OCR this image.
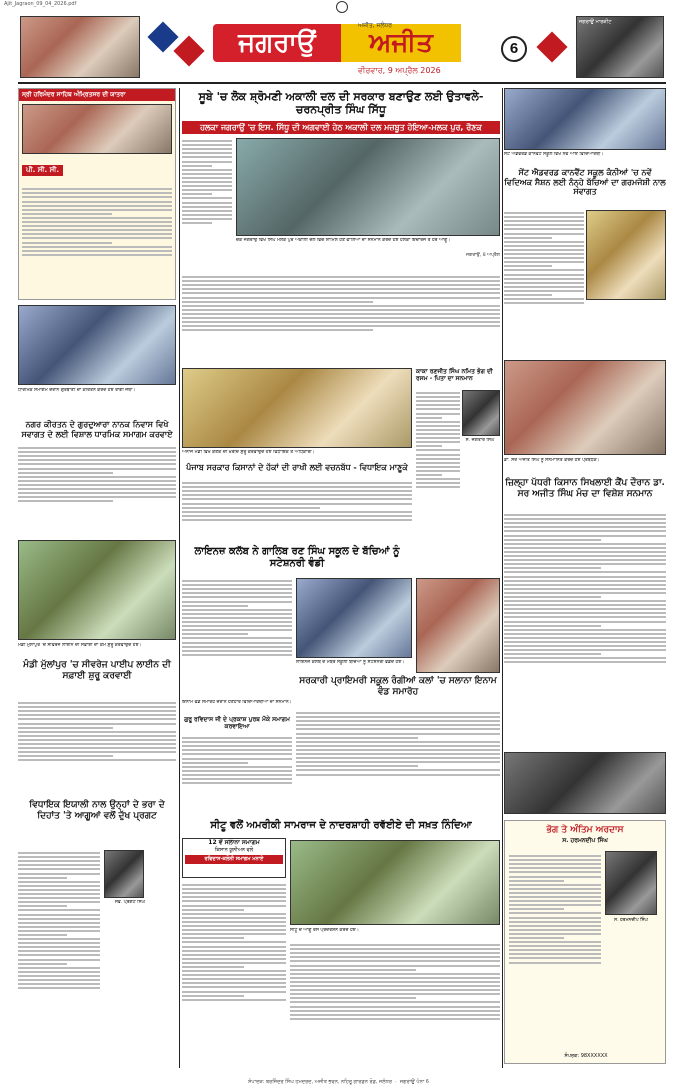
Ajit_Jagraon_09_04_2026.pdf
ਜਗਰਾਉਂ	ਅਜੀਤ
ਅਜੀਤ, ਜਲੰਧਰ
ਵੀਰਵਾਰ, 9 ਅਪ੍ਰੈਲ 2026
6
ਜਗਰਾਉਂ ਮਾਰਕੀਟ
ਸ੍ਰੀ ਹਰਿਮੰਦਰ ਸਾਹਿਬ ਅੰਮ੍ਰਿਤਸਰ ਦੀ ਯਾਤਰਾ
ਪੀ. ਸੀ. ਸੀ.

ਧਾਰਮਿਕ ਸਮਾਗਮ ਦੌਰਾਨ ਗੁਰਬਾਣੀ ਦਾ ਕੀਰਤਨ ਕਰਦੇ ਹੋਏ ਰਾਗੀ ਜਥਾ।
ਨਗਰ ਕੀਰਤਨ ਦੇ ਗੁਰਦੁਆਰਾ ਨਾਨਕ ਨਿਵਾਸ ਵਿਖੇ ਸਵਾਗਤ ਦੇ ਲਈ ਵਿਸ਼ਾਲ ਧਾਰਮਿਕ ਸਮਾਗਮ ਕਰਵਾਏ
ਮੰਡੀ ਮੁੱਲਾਂਪੁਰ 'ਚ ਸੀਵਰੇਜ ਲਾਈਨ ਦੀ ਸਫ਼ਾਈ ਦਾ ਕੰਮ ਸ਼ੁਰੂ ਕਰਵਾਉਂਦੇ ਹੋਏ।
ਮੰਡੀ ਮੁੱਲਾਂਪੁਰ 'ਚ ਸੀਵਰੇਜ ਪਾਈਪ ਲਾਈਨ ਦੀ ਸਫ਼ਾਈ ਸ਼ੁਰੂ ਕਰਵਾਈ
ਵਿਧਾਇਕ ਇਯਾਲੀ ਨਾਲ ਉਨ੍ਹਾਂ ਦੇ ਭਰਾ ਦੇ ਦਿਹਾਂਤ 'ਤੇ ਆਗੂਆਂ ਵਲੋਂ ਦੁੱਖ ਪ੍ਰਗਟ
ਸਵ. ਪ੍ਰਗਟ ਸਿੰਘ
ਸੂਬੇ 'ਚ ਲੋਕ ਸ਼੍ਰੋਮਣੀ ਅਕਾਲੀ ਦਲ ਦੀ ਸਰਕਾਰ ਬਣਾਉਣ ਲਈ ਉਤਾਵਲੇ-ਚਰਨਪ੍ਰੀਤ ਸਿੰਘ ਸਿੱਧੂ
ਹਲਕਾ ਜਗਰਾਉਂ 'ਚ ਇਸ. ਸਿੱਧੂ ਦੀ ਅਗਵਾਈ ਹੇਠ ਅਕਾਲੀ ਦਲ ਮਜ਼ਬੂਤ ਹੋਇਆ-ਮਲਕ ਪੁਰ, ਰੌਣਕ
ਚੌਂਕ ਜਗਰਾਉਂ ਵਿਖੇ ਸਿੰਘ ਮਲਕ ਪੁਰ ਅਕਾਲੀ ਦਲ ਵਿਚ ਸ਼ਾਮਿਲ ਹੋਣ ਵਾਲਿਆਂ ਦਾ ਸਨਮਾਨ ਕਰਦੇ ਹੋਏ ਹਲਕਾ ਇੰਚਾਰਜ ਤੇ ਹੋਰ ਆਗੂ।
ਜਗਰਾਉਂ, 8 ਅਪ੍ਰੈਲ
ਅਨਾਜ ਮੰਡੀ ਵਿਖੇ ਕਣਕ ਦੀ ਖ਼ਰੀਦ ਸ਼ੁਰੂ ਕਰਵਾਉਂਦੇ ਹੋਏ ਵਿਧਾਇਕ ਤੇ ਅਧਿਕਾਰੀ।
ਪੰਜਾਬ ਸਰਕਾਰ ਕਿਸਾਨਾਂ ਦੇ ਹੱਕਾਂ ਦੀ ਰਾਖੀ ਲਈ ਵਚਨਬੱਧ - ਵਿਧਾਇਕ ਮਾਣੂਕੇ
ਕਾਕਾ ਰਣਜੀਤ ਸਿੰਘ ਨਮਿਤ ਭੋਗ ਦੀ ਰਸਮ - ਪਿਤਾ ਦਾ ਸਨਮਾਨ
ਸ. ਜਗਤਾਰ ਸਿੰਘ
ਲਾਇਨਜ਼ ਕਲੱਬ ਨੇ ਗਾਲਿਬ ਰਣ ਸਿੰਘ ਸਕੂਲ ਦੇ ਬੱਚਿਆਂ ਨੂੰ ਸਟੇਸ਼ਨਰੀ ਵੰਡੀ
ਲਾਇਨਜ਼ ਕਲੱਬ ਦੇ ਮੈਂਬਰ ਸਕੂਲੀ ਬੱਚਿਆਂ ਨੂੰ ਸਟੇਸ਼ਨਰੀ ਵੰਡਦੇ ਹੋਏ।
ਸਰਕਾਰੀ ਪ੍ਰਾਇਮਰੀ ਸਕੂਲ ਰੰਗੀਆਂ ਕਲਾਂ 'ਚ ਸਲਾਨਾ ਇਨਾਮ ਵੰਡ ਸਮਾਰੋਹ
ਇਨਾਮ ਵੰਡ ਸਮਾਰੋਹ ਦੌਰਾਨ ਹੋਣਹਾਰ ਵਿਦਿਆਰਥੀਆਂ ਦਾ ਸਨਮਾਨ।
ਗੁਰੂ ਰਵਿਦਾਸ ਜੀ ਦੇ ਪ੍ਰਕਾਸ਼ ਪੁਰਬ ਮੌਕੇ ਸਮਾਗਮ ਕਰਵਾਇਆ
ਸੀਟੂ ਵਲੋਂ ਅਮਰੀਕੀ ਸਾਮਰਾਜ ਦੇ ਨਾਦਰਸ਼ਾਹੀ ਰਵੱਈਏ ਦੀ ਸਖ਼ਤ ਨਿੰਦਿਆ
12 ਵੇਂ ਸਲਾਨਾ ਸਮਾਗਮ
ਕਿਸਾਨ ਯੂਨੀਅਨ ਵਲੋਂ
ਰਵਿਦਾਸ-ਕਲੋਨੀ ਸਮਾਗਮ ਮਨਾਏ
ਸੀਟੂ ਦੇ ਆਗੂ ਰੋਸ ਪ੍ਰਦਰਸ਼ਨ ਕਰਦੇ ਹੋਏ।
ਸੇਂਟ ਐਡਵਰਡ ਕਾਨਵੈਂਟ ਸਕੂਲ ਵਿਖੇ ਨਵੇਂ ਆਏ ਵਿਦਿਆਰਥੀ।
ਸੇਂਟ ਐਡਵਰਡ ਕਾਨਵੈਂਟ ਸਕੂਲ ਕੰਨੀਆਂ 'ਚ ਨਵੇਂ ਵਿਦਿਅਕ ਸੈਸ਼ਨ ਲਈ ਨੰਨ੍ਹੇ ਬੱਚਿਆਂ ਦਾ ਗਰਮਜੋਸ਼ੀ ਨਾਲ ਸਵਾਗਤ
ਡਾ. ਸਰ ਅਜੀਤ ਸਿੰਘ ਨੂੰ ਸਨਮਾਨਿਤ ਕਰਦੇ ਹੋਏ ਪ੍ਰਬੰਧਕ।
ਜ਼ਿਲ੍ਹਾ ਪੱਧਰੀ ਕਿਸਾਨ ਸਿਖਲਾਈ ਕੈਂਪ ਦੌਰਾਨ ਡਾ. ਸਰ ਅਜੀਤ ਸਿੰਘ ਮੰਚ ਦਾ ਵਿਸ਼ੇਸ਼ ਸਨਮਾਨ
ਭੋਗ ਤੇ ਅੰਤਿਮ ਅਰਦਾਸ
ਸ. ਹਰਮਨਦੀਪ ਸਿੰਘ
ਸ. ਹਰਮਨਦੀਪ ਸਿੰਘ
ਸੰਪਰਕ: 98XXXXXX
ਸੰਪਾਦਕ: ਬਰਜਿੰਦਰ ਸਿੰਘ ਹਮਦਰਦ, ਅਜੀਤ ਭਵਨ, ਨਹਿਰੂ ਗਾਰਡਨ ਰੋਡ, ਜਲੰਧਰ  ·  ਜਗਰਾਉਂ ਪੰਨਾ 6
